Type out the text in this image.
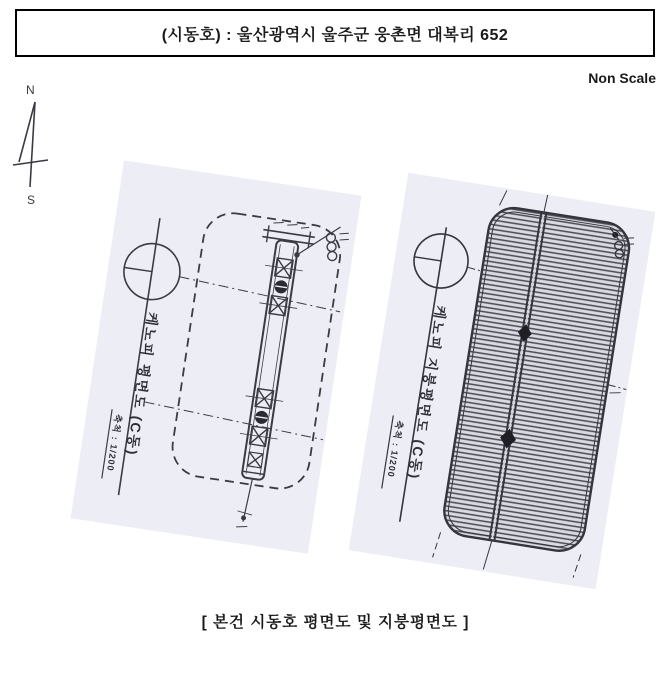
(시동호) : 울산광역시 울주군 웅촌면 대복리 652
Non Scale
N
S
케노피 평면도 (C동)
축척 : 1/200	케노피 지붕평면도 (C동)
축척 : 1/200
[ 본건 시동호 평면도 및 지붕평면도 ]
